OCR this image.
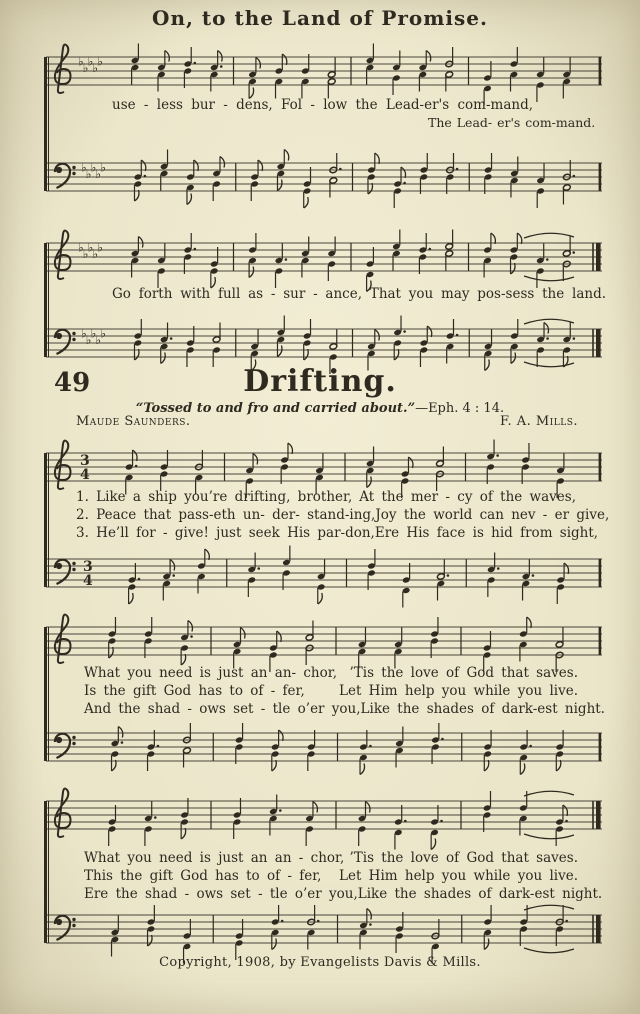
On, to the Land of Promise.
♭ ♭ ♭ ♭ ♭
use - less bur - dens, Fol - low the Lead-er's com-mand,
The Lead- er's com-mand.
♭ ♭ ♭ ♭ ♭
♭ ♭ ♭ ♭ ♭
Go forth with full as - sur - ance, That you may pos-sess the land.
♭ ♭ ♭ ♭ ♭
49	Drifting.
“Tossed to and fro and carried about.”—Eph. 4 : 14.
Maude Saunders.	F. A. Mills.
3
4
1. Like a ship you’re drifting, brother, At the mer - cy of the waves,
2. Peace that pass-eth un- der- stand-ing, Joy the world can nev - er give,
3. He’ll for - give! just seek His par-don, Ere His face is hid from sight,
3
4
What you need is just an an- chor, ’Tis the love of God that saves.
Is the gift God has to of - fer,	Let Him help you while you live.
And the shad - ows set - tle o’er you, Like the shades of dark-est night.
What you need is just an an - chor, ’Tis the love of God that saves.
This the gift God has to of - fer, Let Him help you while you live.
Ere the shad - ows set - tle o’er you, Like the shades of dark-est night.
Copyright, 1908, by Evangelists Davis & Mills.
